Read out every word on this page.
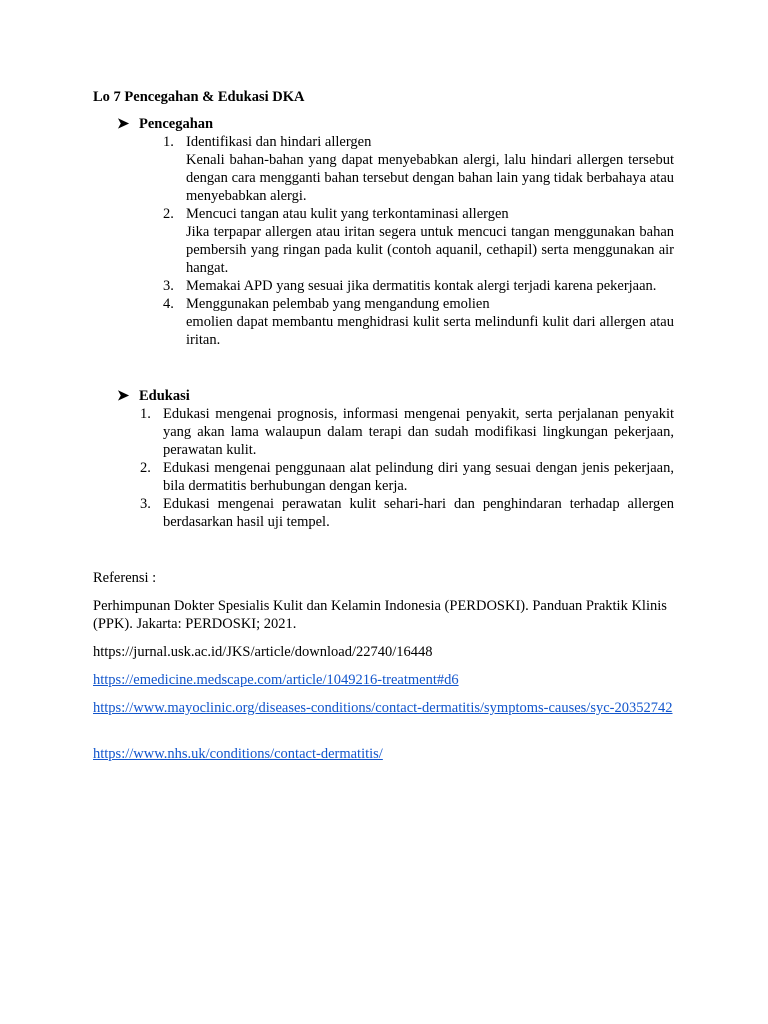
Lo 7 Pencegahan & Edukasi DKA
➤ Pencegahan
1. Identifikasi dan hindari allergen
Kenali bahan-bahan yang dapat menyebabkan alergi, lalu hindari allergen tersebut dengan cara mengganti bahan tersebut dengan bahan lain yang tidak berbahaya atau menyebabkan alergi.
2. Mencuci tangan atau kulit yang terkontaminasi allergen
Jika terpapar allergen atau iritan segera untuk mencuci tangan menggunakan bahan pembersih yang ringan pada kulit (contoh aquanil, cethapil) serta menggunakan air hangat.
3. Memakai APD yang sesuai jika dermatitis kontak alergi terjadi karena pekerjaan.
4. Menggunakan pelembab yang mengandung emolien
emolien dapat membantu menghidrasi kulit serta melindunfi kulit dari allergen atau iritan.
➤ Edukasi
1. Edukasi mengenai prognosis, informasi mengenai penyakit, serta perjalanan penyakit yang akan lama walaupun dalam terapi dan sudah modifikasi lingkungan pekerjaan, perawatan kulit.
2. Edukasi mengenai penggunaan alat pelindung diri yang sesuai dengan jenis pekerjaan, bila dermatitis berhubungan dengan kerja.
3. Edukasi mengenai perawatan kulit sehari-hari dan penghindaran terhadap allergen berdasarkan hasil uji tempel.
Referensi :
Perhimpunan Dokter Spesialis Kulit dan Kelamin Indonesia (PERDOSKI). Panduan Praktik Klinis (PPK). Jakarta: PERDOSKI; 2021.
https://jurnal.usk.ac.id/JKS/article/download/22740/16448
https://emedicine.medscape.com/article/1049216-treatment#d6
https://www.mayoclinic.org/diseases-conditions/contact-dermatitis/symptoms-causes/syc-20352742
https://www.nhs.uk/conditions/contact-dermatitis/
